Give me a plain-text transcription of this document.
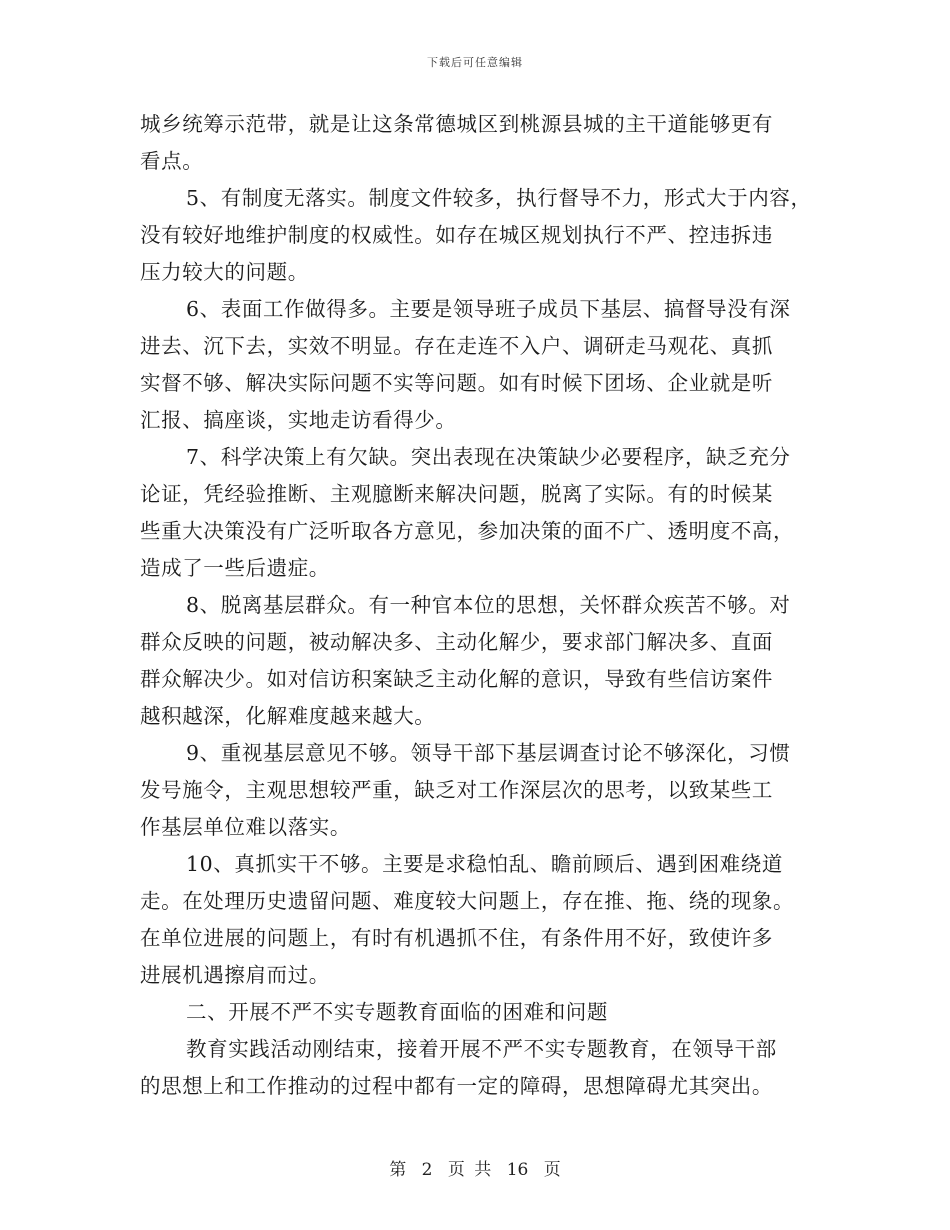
下载后可任意编辑
城乡统筹示范带，就是让这条常德城区到桃源县城的主干道能够更有
看点。
5、有制度无落实。制度文件较多，执行督导不力，形式大于内容，
没有较好地维护制度的权威性。如存在城区规划执行不严、控违拆违
压力较大的问题。
6、表面工作做得多。主要是领导班子成员下基层、搞督导没有深
进去、沉下去，实效不明显。存在走连不入户、调研走马观花、真抓
实督不够、解决实际问题不实等问题。如有时候下团场、企业就是听
汇报、搞座谈，实地走访看得少。
7、科学决策上有欠缺。突出表现在决策缺少必要程序，缺乏充分
论证，凭经验推断、主观臆断来解决问题，脱离了实际。有的时候某
些重大决策没有广泛听取各方意见，参加决策的面不广、透明度不高，
造成了一些后遗症。
8、脱离基层群众。有一种官本位的思想，关怀群众疾苦不够。对
群众反映的问题，被动解决多、主动化解少，要求部门解决多、直面
群众解决少。如对信访积案缺乏主动化解的意识，导致有些信访案件
越积越深，化解难度越来越大。
9、重视基层意见不够。领导干部下基层调查讨论不够深化，习惯
发号施令，主观思想较严重，缺乏对工作深层次的思考，以致某些工
作基层单位难以落实。
10、真抓实干不够。主要是求稳怕乱、瞻前顾后、遇到困难绕道
走。在处理历史遗留问题、难度较大问题上，存在推、拖、绕的现象。
在单位进展的问题上，有时有机遇抓不住，有条件用不好，致使许多
进展机遇擦肩而过。
二、开展不严不实专题教育面临的困难和问题
教育实践活动刚结束，接着开展不严不实专题教育，在领导干部
的思想上和工作推动的过程中都有一定的障碍，思想障碍尤其突出。
第 2 页 共 16 页
